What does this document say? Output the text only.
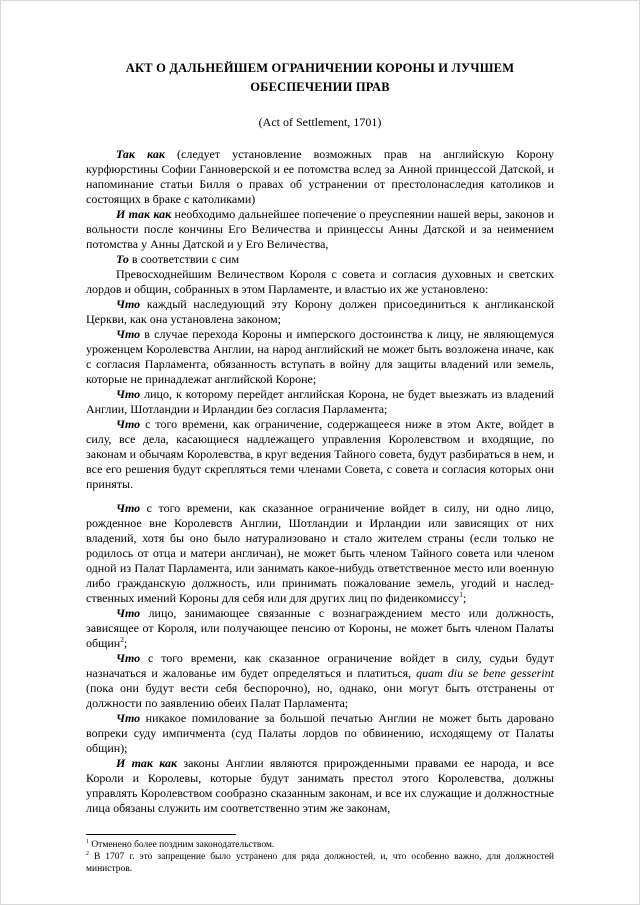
АКТ О ДАЛЬНЕЙШЕМ ОГРАНИЧЕНИИ КОРОНЫ И ЛУЧШЕМ ОБЕСПЕЧЕНИИ ПРАВ
(Act of Settlement, 1701)

Так как (следует установление возможных прав на английскую Корону курфюрстины Софии Ганноверской и ее потомства вслед за Анной принцессой Датской, и напоминание статьи Билля о правах об устранении от престолонаследия католиков и состоящих в браке с католиками)

И так как необходимо дальнейшее попечение о преуспеянии нашей веры, законов и вольности после кончины Его Величества и принцессы Анны Датской и за неимением потомства у Анны Датской и у Его Величества,

То в соответствии с сим

Превосходнейшим Величеством Короля с совета и согласия духовных и светских лордов и общин, собранных в этом Парламенте, и властью их же установлено:

Что каждый наследующий эту Корону должен присоединиться к англиканской Церкви, как она установлена законом;

Что в случае перехода Короны и имперского достоинства к лицу, не являющемуся уроженцем Королевства Англии, на народ английский не может быть возложена иначе, как с согласия Парламента, обязанность вступать в войну для защиты владений или земель, которые не принадлежат английской Короне;

Что лицо, к которому перейдет английская Корона, не будет выезжать из владений Англии, Шотландии и Ирландии без согласия Парламента;

Что с того времени, как ограничение, содержащееся ниже в этом Акте, войдет в силу, все дела, касающиеся надлежащего управления Королевством и входящие, по законам и обычаям Королевства, в круг ведения Тайного совета, будут разбираться в нем, и все его решения будут скрепляться теми членами Совета, с совета и согласия которых они приняты.

Что с того времени, как сказанное ограничение войдет в силу, ни одно лицо, рожденное вне Королевств Англии, Шотландии и Ирландии или зависящих от них владений, хотя бы оно было натурализовано и стало жителем страны (если только не родилось от отца и матери англичан), не может быть членом Тайного совета или членом одной из Палат Парламента, или занимать какое-нибудь ответственное место или военную либо гражданскую должность, или принимать пожалование земель, угодий и наследственных имений Короны для себя или для других лиц по фидеикомиссу$^1$;

Что лицо, занимающее связанные с вознаграждением место или должность, зависящее от Короля, или получающее пенсию от Короны, не может быть членом Палаты общин$^2$;

Что с того времени, как сказанное ограничение войдет в силу, судьи будут назначаться и жалованье им будет определяться и платиться, quam diu se bene gesserint (пока они будут вести себя беспорочно), но, однако, они могут быть отстранены от должности по заявлению обеих Палат Парламента;

Что никакое помилование за большой печатью Англии не может быть даровано вопреки суду импичмента (суд Палаты лордов по обвинению, исходящему от Палаты общин);

И так как законы Англии являются прирожденными правами ее народа, и все Короли и Королевы, которые будут занимать престол этого Королевства, должны управлять Королевством сообразно сказанным законам, и все их служащие и должностные лица обязаны служить им соответственно этим же законам,

$^1$ Отменено более поздним законодательством.

$^2$ В 1707 г. это запрещение было устранено для ряда должностей, и, что особенно важно, для должностей министров.
